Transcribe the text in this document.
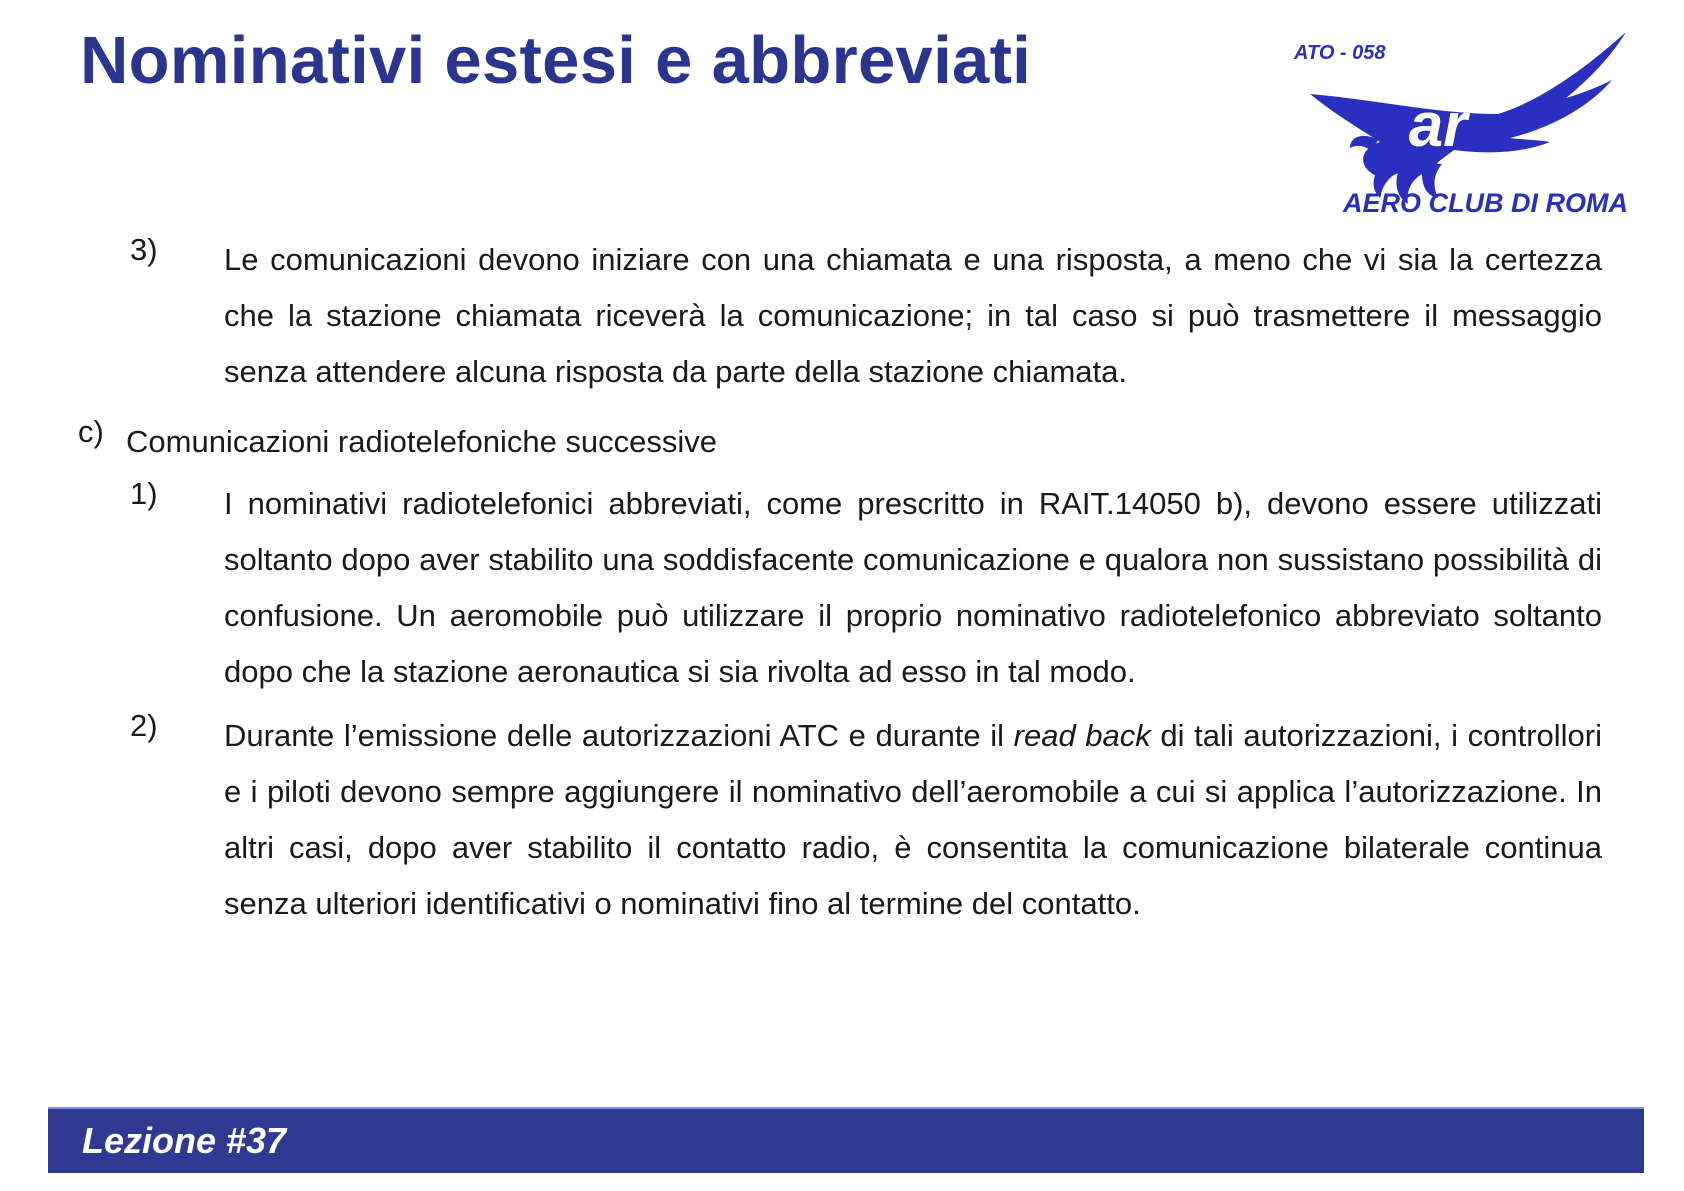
Nominativi estesi e abbreviati
ar
ATO - 058
AERO CLUB DI ROMA
3)	Le comunicazioni devono iniziare con una chiamata e una risposta, a meno che vi sia la certezza che la stazione chiamata riceverà la comunicazione; in tal caso si può trasmettere il messaggio senza attendere alcuna risposta da parte della stazione chiamata.
c) Comunicazioni radiotelefoniche successive
1)	I nominativi radiotelefonici abbreviati, come prescritto in RAIT.14050 b), devono essere utilizzati soltanto dopo aver stabilito una soddisfacente comunicazione e qualora non sussistano possibilità di confusione. Un aeromobile può utilizzare il proprio nominativo radiotelefonico abbreviato soltanto dopo che la stazione aeronautica si sia rivolta ad esso in tal modo.
2)	Durante l’emissione delle autorizzazioni ATC e durante il read back di tali autorizzazioni, i controllori e i piloti devono sempre aggiungere il nominativo dell’aeromobile a cui si applica l’autorizzazione. In altri casi, dopo aver stabilito il contatto radio, è consentita la comunicazione bilaterale continua senza ulteriori identificativi o nominativi fino al termine del contatto.
Lezione #37
